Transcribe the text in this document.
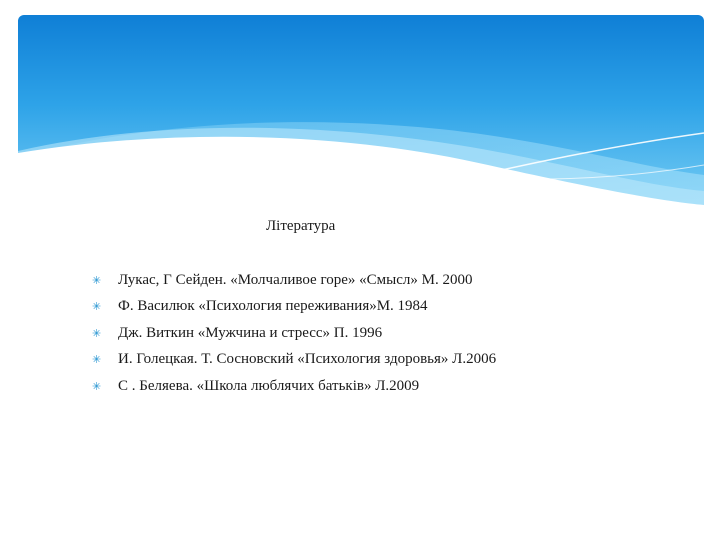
Література
✳	Лукас, Г Сейден. «Молчаливое горе» «Смысл» М. 2000
✳	Ф. Василюк «Психология переживания»М. 1984
✳	Дж. Виткин «Мужчина и стресс» П. 1996
✳	И. Голецкая. Т. Сосновский «Психология здоровья» Л.2006
✳	С . Беляева. «Школа люблячих батьків» Л.2009
